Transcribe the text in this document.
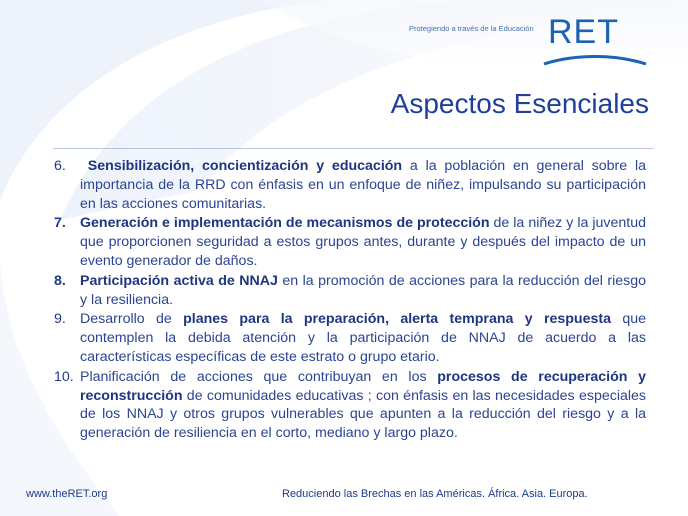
Protegiendo a través de la Educación RET
Aspectos Esenciales
6.	Sensibilización, concientización y educación a la población en general sobre la importancia de la RRD con énfasis en un enfoque de niñez, impulsando su participación en las acciones comunitarias.
7. Generación e implementación de mecanismos de protección de la niñez y la juventud que proporcionen seguridad a estos grupos antes, durante y después del impacto de un evento generador de daños.
8. Participación activa de NNAJ en la promoción de acciones para la reducción del riesgo y la resiliencia.
9. Desarrollo de planes para la preparación, alerta temprana y respuesta que contemplen la debida atención y la participación de NNAJ de acuerdo a las características específicas de este estrato o grupo etario.
10. Planificación de acciones que contribuyan en los procesos de recuperación y reconstrucción de comunidades educativas ; con énfasis en las necesidades especiales de los NNAJ y otros grupos vulnerables que apunten a la reducción del riesgo y a la generación de resiliencia en el corto, mediano y largo plazo.
www.theRET.org	Reduciendo las Brechas en las Américas. África. Asia. Europa.
